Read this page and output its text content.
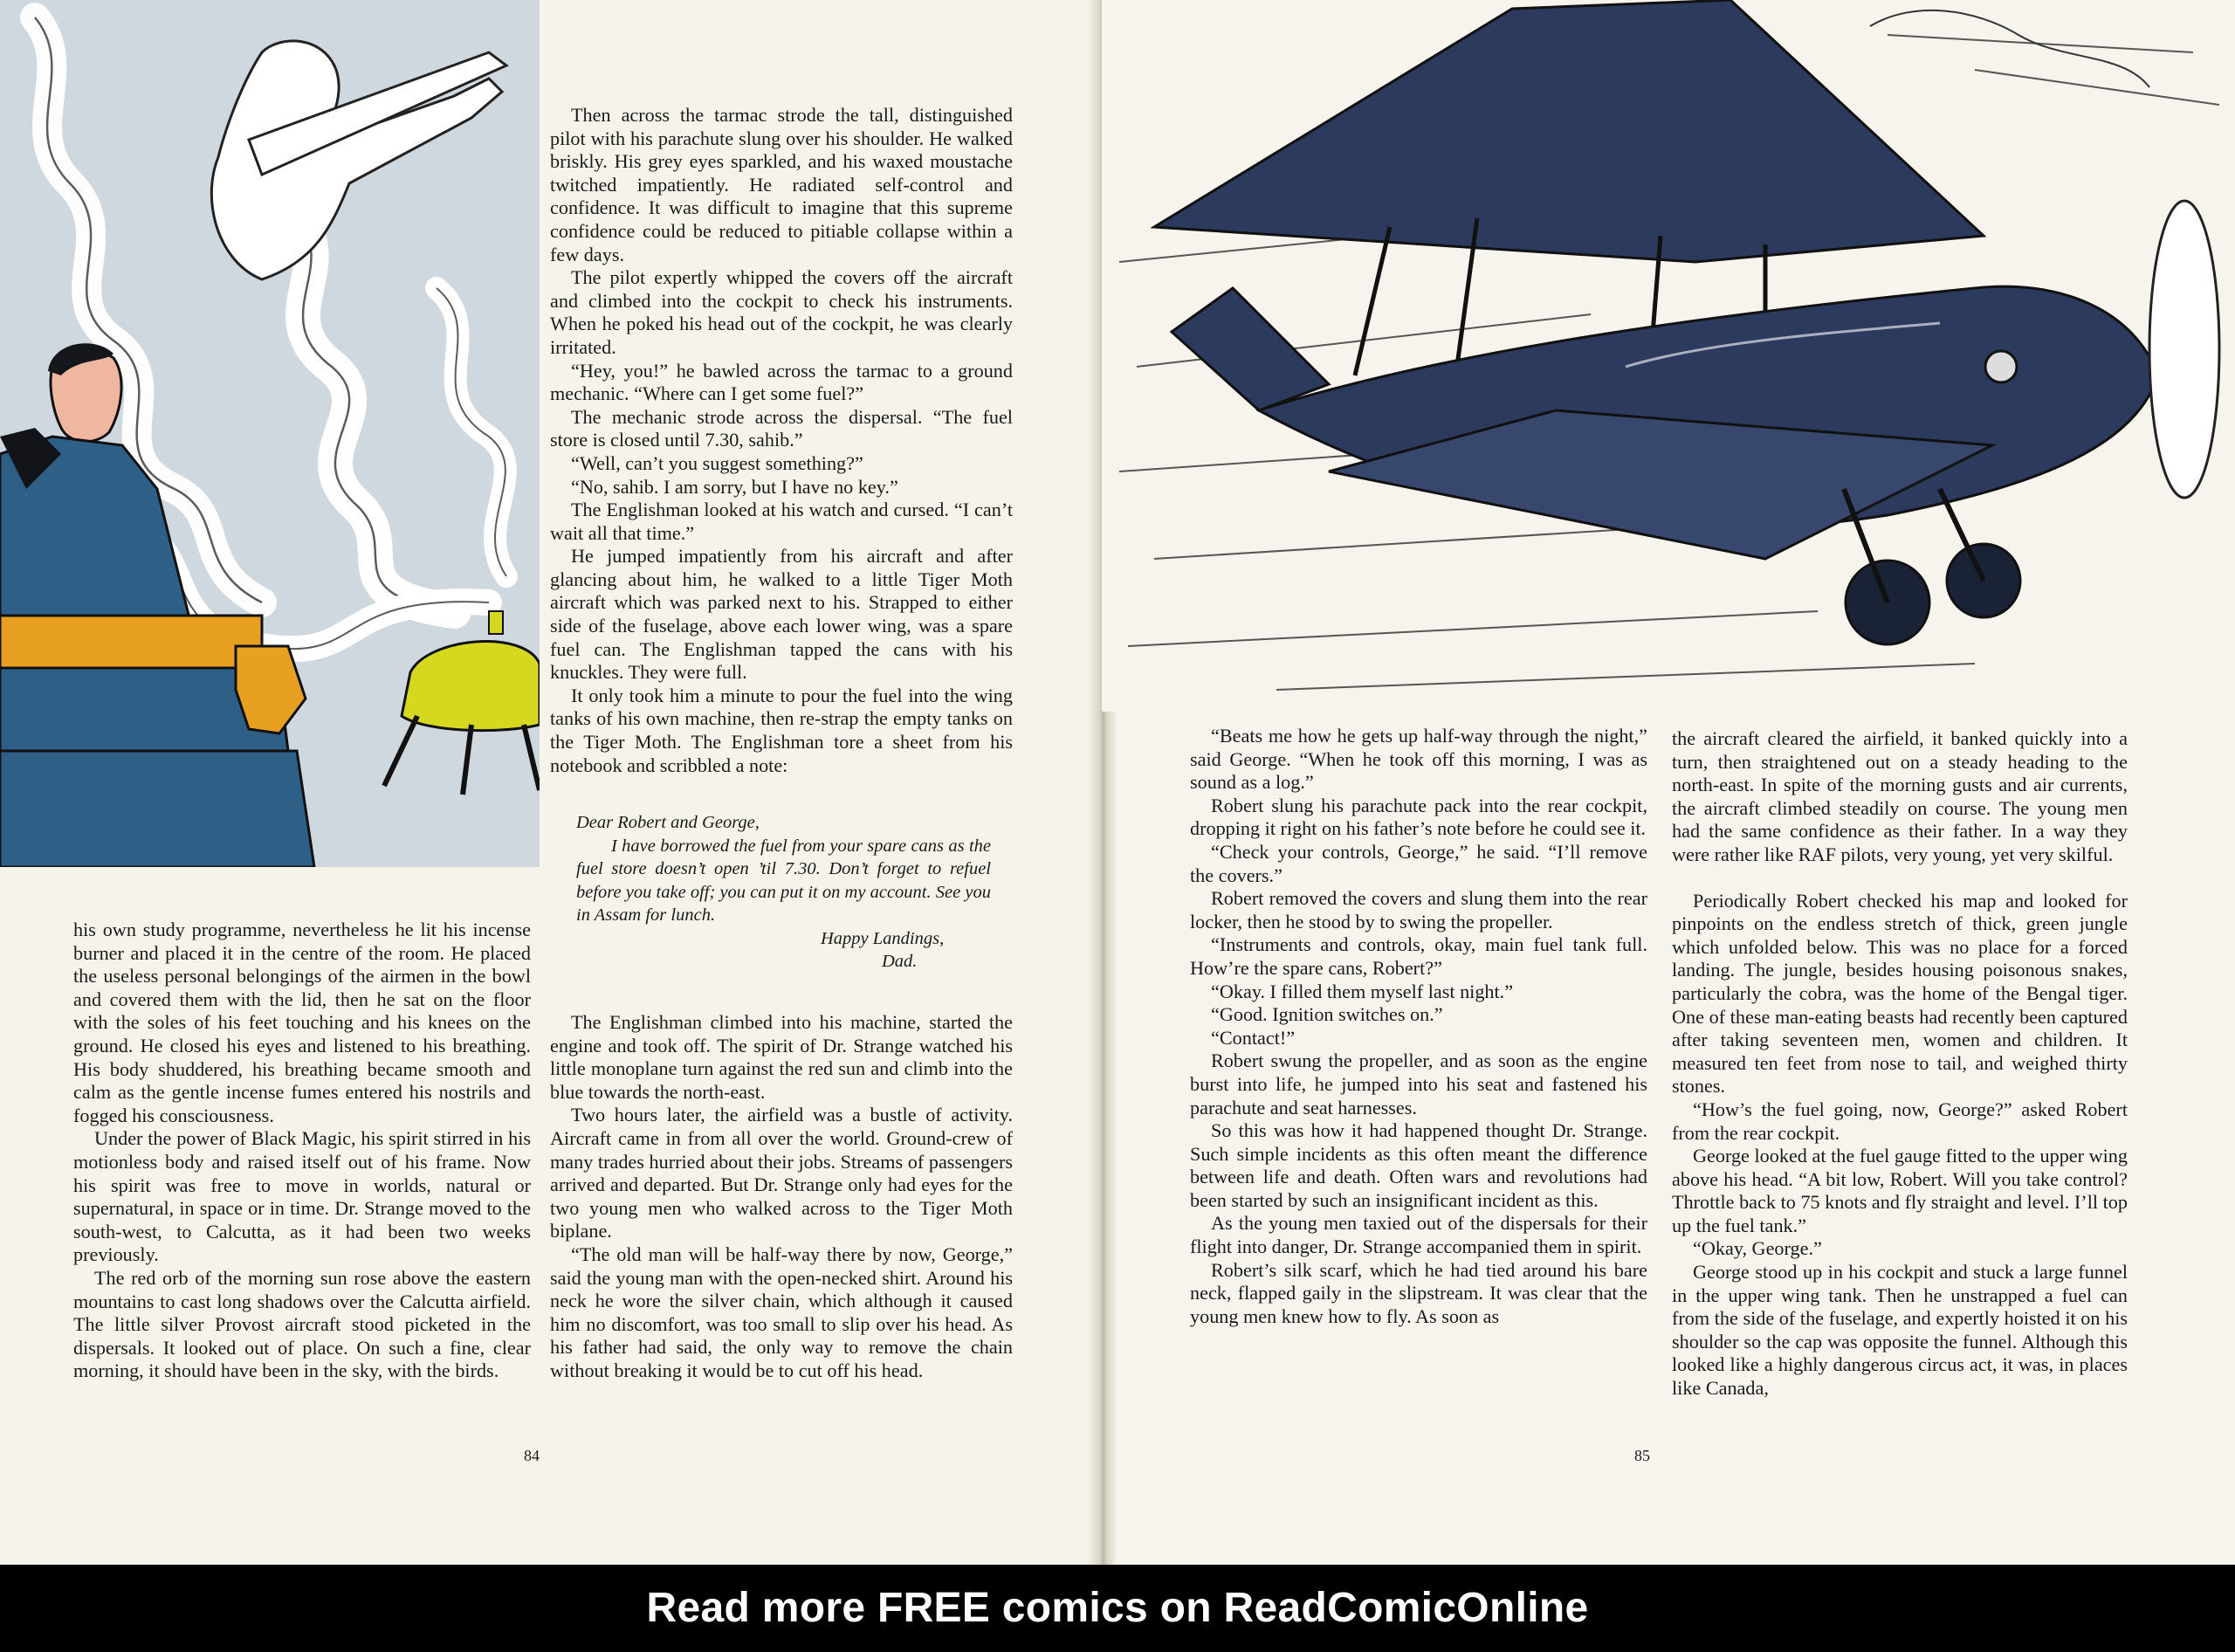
Then across the tarmac strode the tall, distinguished pilot with his parachute slung over his shoulder. He walked briskly. His grey eyes sparkled, and his waxed moustache twitched impatiently. He radiated self-control and confidence. It was difficult to imagine that this supreme confidence could be reduced to pitiable collapse within a few days.

The pilot expertly whipped the covers off the aircraft and climbed into the cockpit to check his instruments. When he poked his head out of the cockpit, he was clearly irritated.

“Hey, you!” he bawled across the tarmac to a ground mechanic. “Where can I get some fuel?”

The mechanic strode across the dispersal. “The fuel store is closed until 7.30, sahib.”

“Well, can’t you suggest something?”

“No, sahib. I am sorry, but I have no key.”

The Englishman looked at his watch and cursed. “I can’t wait all that time.”

He jumped impatiently from his aircraft and after glancing about him, he walked to a little Tiger Moth aircraft which was parked next to his. Strapped to either side of the fuselage, above each lower wing, was a spare fuel can. The Englishman tapped the cans with his knuckles. They were full.

It only took him a minute to pour the fuel into the wing tanks of his own machine, then re-strap the empty tanks on the Tiger Moth. The Englishman tore a sheet from his notebook and scribbled a note:

Dear Robert and George,

I have borrowed the fuel from your spare cans as the fuel store doesn’t open ’til 7.30. Don’t forget to refuel before you take off; you can put it on my account. See you in Assam for lunch.

Happy Landings,

Dad.

his own study programme, nevertheless he lit his incense burner and placed it in the centre of the room. He placed the useless personal belongings of the airmen in the bowl and covered them with the lid, then he sat on the floor with the soles of his feet touching and his knees on the ground. He closed his eyes and listened to his breathing. His body shuddered, his breathing became smooth and calm as the gentle incense fumes entered his nostrils and fogged his consciousness.

Under the power of Black Magic, his spirit stirred in his motionless body and raised itself out of his frame. Now his spirit was free to move in worlds, natural or supernatural, in space or in time. Dr. Strange moved to the south-west, to Calcutta, as it had been two weeks previously.

The red orb of the morning sun rose above the eastern mountains to cast long shadows over the Calcutta airfield. The little silver Provost aircraft stood picketed in the dispersals. It looked out of place. On such a fine, clear morning, it should have been in the sky, with the birds.

The Englishman climbed into his machine, started the engine and took off. The spirit of Dr. Strange watched his little monoplane turn against the red sun and climb into the blue towards the north-east.

Two hours later, the airfield was a bustle of activity. Aircraft came in from all over the world. Ground-crew of many trades hurried about their jobs. Streams of passengers arrived and departed. But Dr. Strange only had eyes for the two young men who walked across to the Tiger Moth biplane.

“The old man will be half-way there by now, George,” said the young man with the open-necked shirt. Around his neck he wore the silver chain, which although it caused him no discomfort, was too small to slip over his head. As his father had said, the only way to remove the chain without breaking it would be to cut off his head.

84

“Beats me how he gets up half-way through the night,” said George. “When he took off this morning, I was as sound as a log.”

Robert slung his parachute pack into the rear cockpit, dropping it right on his father’s note before he could see it.

“Check your controls, George,” he said. “I’ll remove the covers.”

Robert removed the covers and slung them into the rear locker, then he stood by to swing the propeller.

“Instruments and controls, okay, main fuel tank full. How’re the spare cans, Robert?”

“Okay. I filled them myself last night.”

“Good. Ignition switches on.”

“Contact!”

Robert swung the propeller, and as soon as the engine burst into life, he jumped into his seat and fastened his parachute and seat harnesses.

So this was how it had happened thought Dr. Strange. Such simple incidents as this often meant the difference between life and death. Often wars and revolutions had been started by such an insignificant incident as this.

As the young men taxied out of the dispersals for their flight into danger, Dr. Strange accompanied them in spirit.

Robert’s silk scarf, which he had tied around his bare neck, flapped gaily in the slipstream. It was clear that the young men knew how to fly. As soon as

the aircraft cleared the airfield, it banked quickly into a turn, then straightened out on a steady heading to the north-east. In spite of the morning gusts and air currents, the aircraft climbed steadily on course. The young men had the same confidence as their father. In a way they were rather like RAF pilots, very young, yet very skilful.

Periodically Robert checked his map and looked for pinpoints on the endless stretch of thick, green jungle which unfolded below. This was no place for a forced landing. The jungle, besides housing poisonous snakes, particularly the cobra, was the home of the Bengal tiger. One of these man-eating beasts had recently been captured after taking seventeen men, women and children. It measured ten feet from nose to tail, and weighed thirty stones.

“How’s the fuel going, now, George?” asked Robert from the rear cockpit.

George looked at the fuel gauge fitted to the upper wing above his head. “A bit low, Robert. Will you take control? Throttle back to 75 knots and fly straight and level. I’ll top up the fuel tank.”

“Okay, George.”

George stood up in his cockpit and stuck a large funnel in the upper wing tank. Then he unstrapped a fuel can from the side of the fuselage, and expertly hoisted it on his shoulder so the cap was opposite the funnel. Although this looked like a highly dangerous circus act, it was, in places like Canada,

85
Read more FREE comics on ReadComicOnline
